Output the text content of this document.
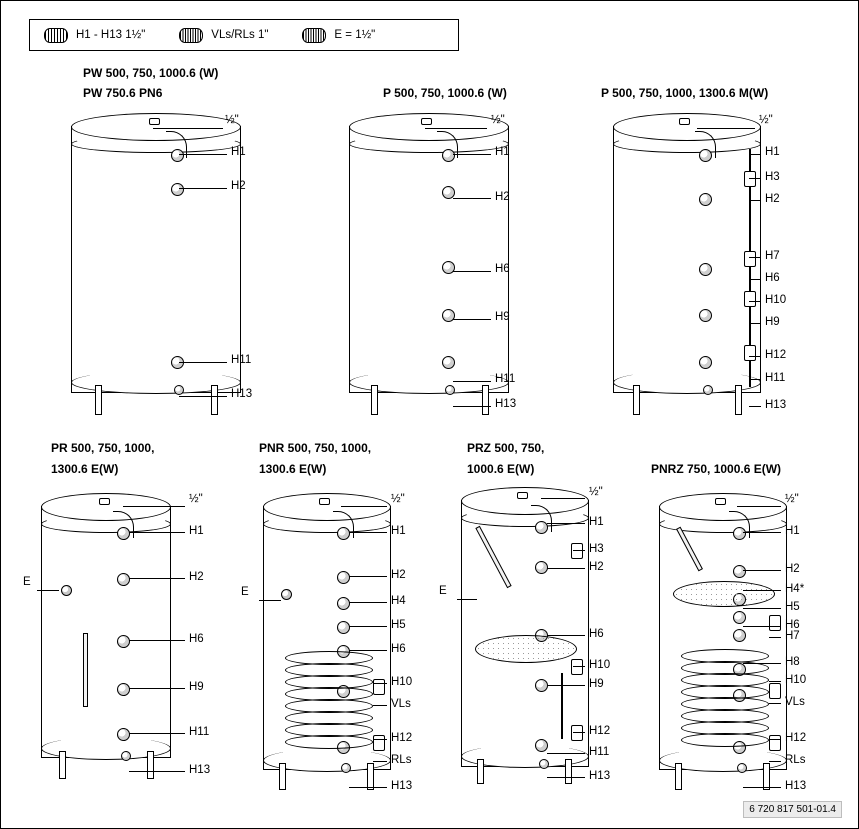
H1 - H13 1½"	VLs/RLs 1"	E = 1½"
PW 500, 750, 1000.6 (W)
PW 750.6 PN6	P 500, 750, 1000.6 (W)	P 500, 750, 1000, 1300.6 M(W)
½"
H1
H2
H11
H13
½"
H1
H2
H6
H9
H11
H13
½"
H1
H3
H2
H7
H6
H10
H9
H12
H11
H13
PR 500, 750, 1000,
1300.6 E(W)
PNR 500, 750, 1000,
1300.6 E(W)
PRZ 500, 750,
1000.6 E(W)	PNRZ 750, 1000.6 E(W)
½"
H1
H2
H6
H9
H11
H13
E
½"
H1
H2
H4
H5
H6
H10
VLs
H12
RLs
H13
E
½"
H1
H3
H2
H6
H10
H9
H12
H11
H13
E
½"
H1
H2
H4*
H5
H6
H7
H8
H10
VLs
H12
RLs
H13
6 720 817 501-01.4
